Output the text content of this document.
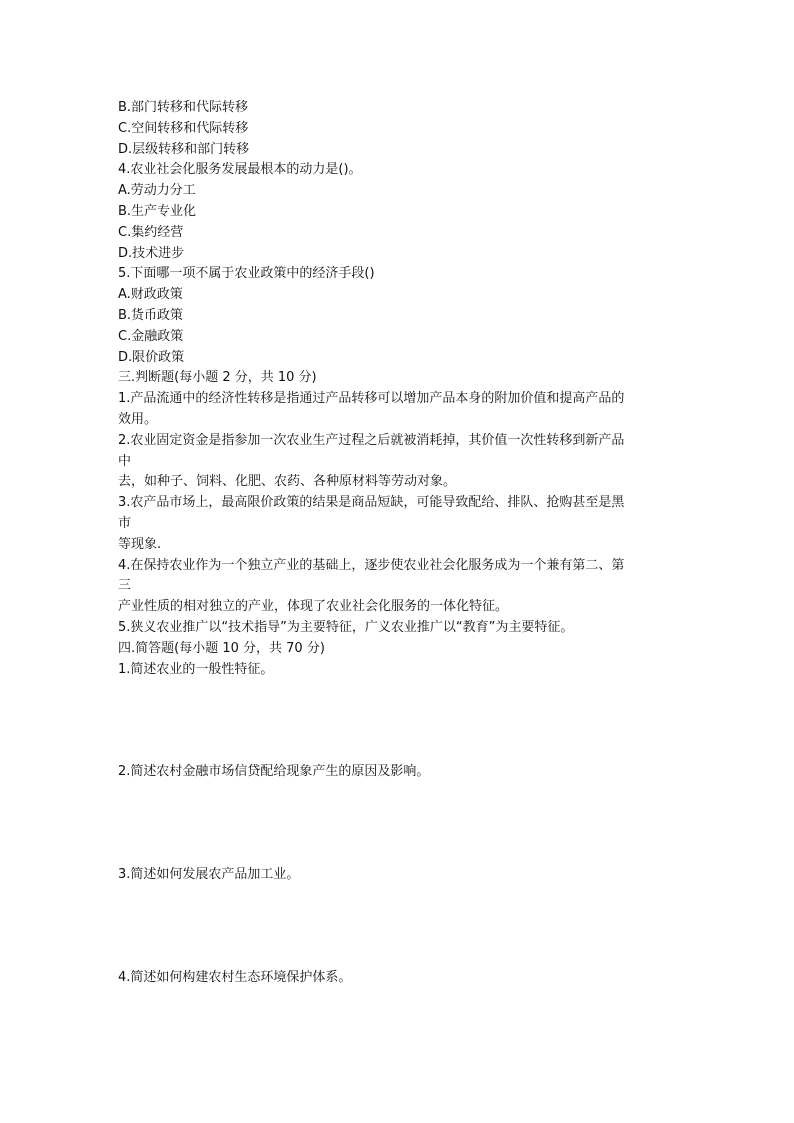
B.部门转移和代际转移

C.空间转移和代际转移

D.层级转移和部门转移

4.农业社会化服务发展最根本的动力是()。

A.劳动力分工

B.生产专业化

C.集约经营

D.技术进步

5.下面哪一项不属于农业政策中的经济手段()

A.财政政策

B.货币政策

C.金融政策

D.限价政策

三.判断题(每小题 2 分，共 10 分)

1.产品流通中的经济性转移是指通过产品转移可以增加产品本身的附加价值和提高产品的

效用。

2.农业固定资金是指参加一次农业生产过程之后就被消耗掉，其价值一次性转移到新产品

中

去，如种子、饲料、化肥、农药、各种原材料等劳动对象。

3.农产品市场上，最高限价政策的结果是商品短缺，可能导致配给、排队、抢购甚至是黑

市

等现象.

4.在保持农业作为一个独立产业的基础上，逐步使农业社会化服务成为一个兼有第二、第

三

产业性质的相对独立的产业，体现了农业社会化服务的一体化特征。

5.狭义农业推广以“技术指导”为主要特征，广义农业推广以“教育”为主要特征。

四.简答题(每小题 10 分，共 70 分)

1.简述农业的一般性特征。

2.简述农村金融市场信贷配给现象产生的原因及影响。

3.简述如何发展农产品加工业。

4.简述如何构建农村生态环境保护体系。
